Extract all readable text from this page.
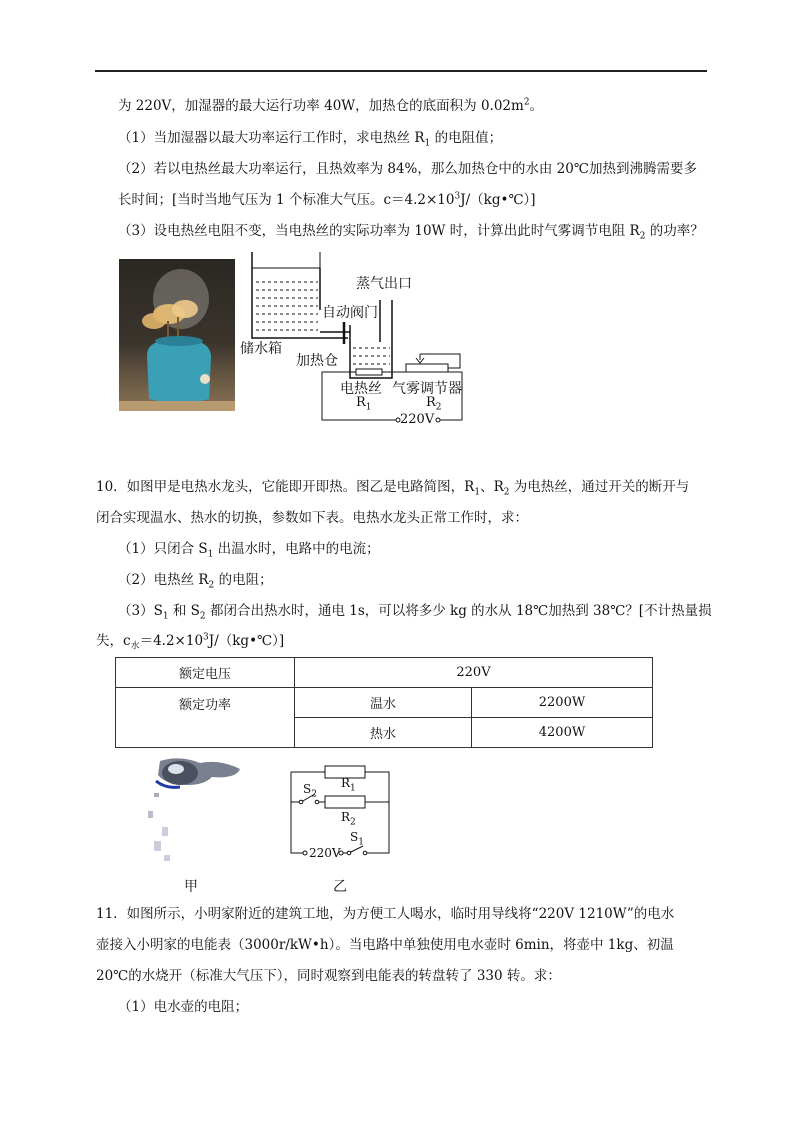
为 220V，加湿器的最大运行功率 40W，加热仓的底面积为 $0.02m^2$。
（1）当加湿器以最大功率运行工作时，求电热丝 $R_1$ 的电阻值；
（2）若以电热丝最大功率运行，且热效率为 84%，那么加热仓中的水由 20℃加热到沸腾需要多
长时间；[当时当地气压为 1 个标准大气压。$c=4.2\times 10^3J/(kg•℃)$]
（3）设电热丝电阻不变，当电热丝的实际功率为 10W 时，计算出此时气雾调节电阻 $R_2$ 的功率？
蒸气出口
自动阀门
储水箱
加热仓
电热丝 气雾调节器
$R_1$	$R_2$
220V
10．如图甲是电热水龙头，它能即开即热。图乙是电路简图，$R_1$、$R_2$ 为电热丝，通过开关的断开与
闭合实现温水、热水的切换，参数如下表。电热水龙头正常工作时，求：
（1）只闭合 $S_1$ 出温水时，电路中的电流；
（2）电热丝 $R_2$ 的电阻；
$(3)S_1$ 和 $S_2$ 都闭合出热水时，通电 1s，可以将多少 kg 的水从 18℃加热到 38℃？[不计热量损
失，$c_水=4.2\times 10^3J/(kg•℃)$]
额定电压	220V	
额定功率	温水	2200W
	热水	4200W
甲
$S_2$
$R_1$
$R_2$
$S_1$
220V
乙
11．如图所示，小明家附近的建筑工地，为方便工人喝水，临时用导线将“220V 1210W”的电水
壶接入小明家的电能表（3000r/kW•h）。当电路中单独使用电水壶时 6min，将壶中 1kg、初温
20℃的水烧开（标准大气压下），同时观察到电能表的转盘转了 330 转。求：
（1）电水壶的电阻；
